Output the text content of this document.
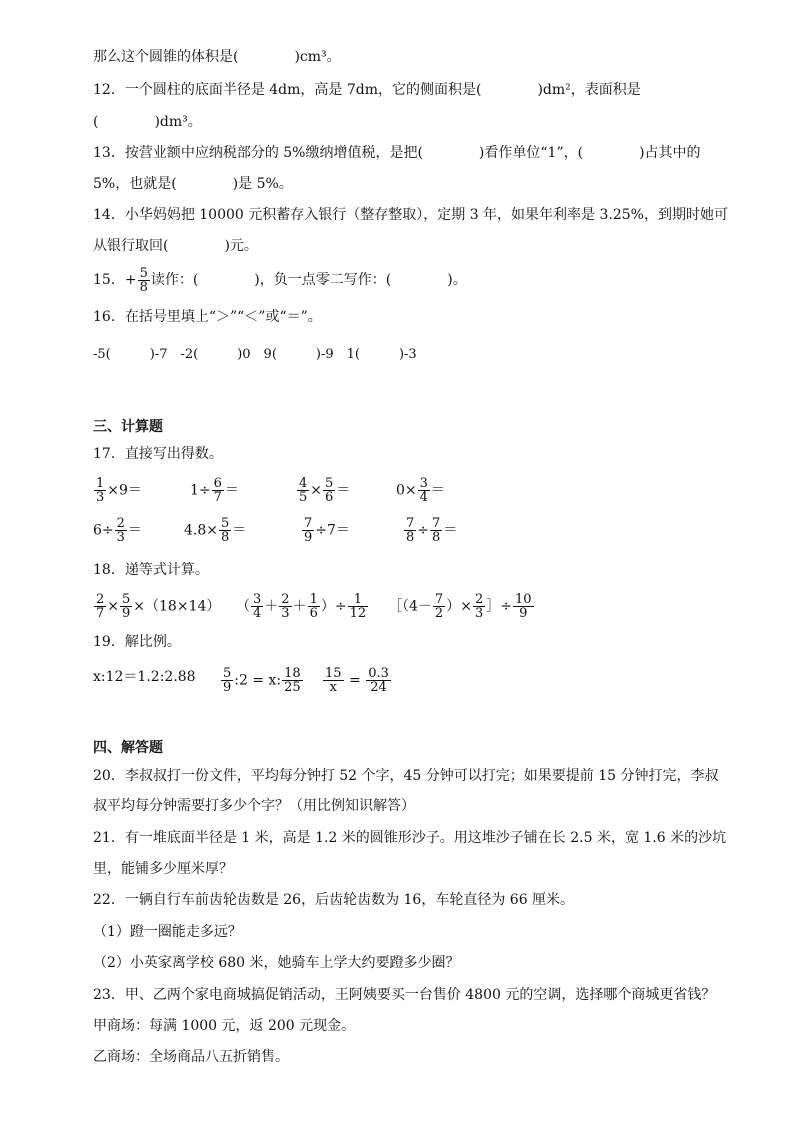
那么这个圆锥的体积是(　　　　)cm³。
12．一个圆柱的底面半径是 4dm，高是 7dm，它的侧面积是(　　　　)dm²，表面积是
(　　　　)dm³。
13．按营业额中应纳税部分的 5%缴纳增值税，是把(　　　　)看作单位“1”，(　　　　)占其中的
5%，也就是(　　　　)是 5%。
14．小华妈妈把 10000 元积蓄存入银行（整存整取），定期 3 年，如果年利率是 3.25%，到期时她可
从银行取回(　　　　)元。
15．+ $\frac{5}{8}$ 读作：(　　　　)，负一点零二写作：(　　　　)。
16．在括号里填上“＞”“＜”或“＝”。
-5(　　　)-7　-2(　　　)0　9(　　　)-9　1(　　　)-3
三、计算题
17．直接写出得数。
$\frac{1}{3} \times 9=$	$1\div \frac{6}{7}$ ＝	$\frac{4}{5} \times \frac{5}{6}$ ＝	$0\times \frac{3}{4}$ ＝
$6\div \frac{2}{3}$ ＝	$4.8\times \frac{5}{8}$ ＝	$\frac{7}{9} \div 7=$	$\frac{7}{8} \div \frac{7}{8}$ ＝
18．递等式计算。
$\frac{2}{7} \times \frac{5}{9} \times(18\times 14)$ （ $\frac{3}{4} + \frac{2}{3} + \frac{1}{6}$ ）÷ $\frac{1}{12}$ ［（4－ $\frac{7}{2}$ ）× $\frac{2}{3}$ ］÷ $\frac{10}{9}$
19．解比例。
x:12＝1.2:2.88 $\frac{5}{9}$ :2 = x: $\frac{18}{25} \frac{15}{x} = \frac{0.3}{24}$
四、解答题
20．李叔叔打一份文件，平均每分钟打 52 个字，45 分钟可以打完；如果要提前 15 分钟打完，李叔
叔平均每分钟需要打多少个字？（用比例知识解答）
21．有一堆底面半径是 1 米，高是 1.2 米的圆锥形沙子。用这堆沙子铺在长 2.5 米，宽 1.6 米的沙坑
里，能铺多少厘米厚？
22．一辆自行车前齿轮齿数是 26，后齿轮齿数为 16，车轮直径为 66 厘米。
（1）蹬一圈能走多远？
（2）小英家离学校 680 米，她骑车上学大约要蹬多少圈？
23．甲、乙两个家电商城搞促销活动，王阿姨要买一台售价 4800 元的空调，选择哪个商城更省钱？
甲商场：每满 1000 元，返 200 元现金。
乙商场：全场商品八五折销售。
